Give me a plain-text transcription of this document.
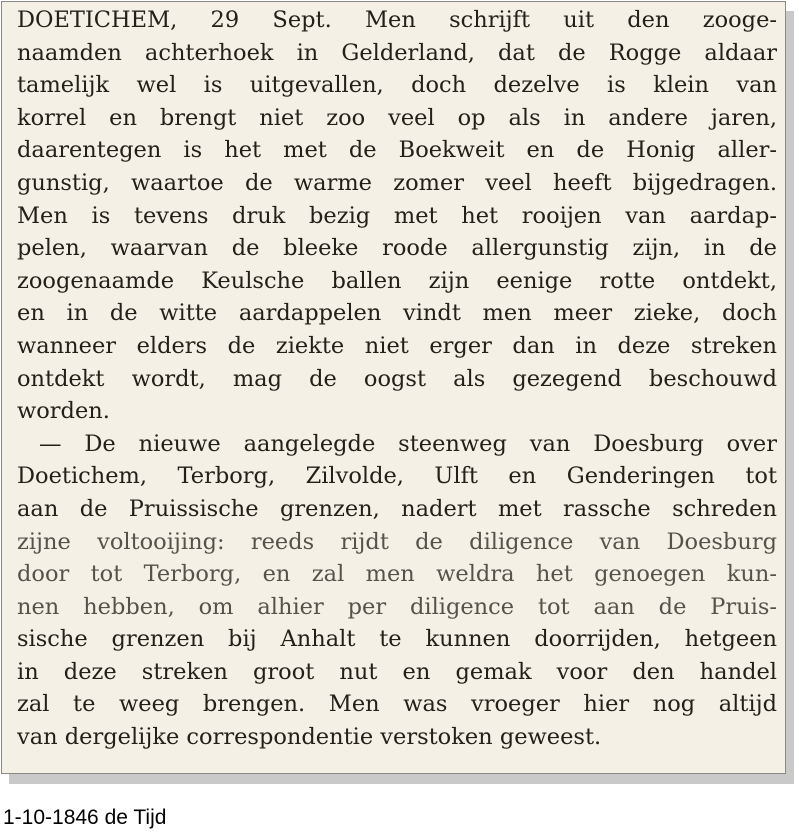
DOETICHEM, 29 Sept. Men schrijft uit den zooge-
naamden achterhoek in Gelderland, dat de Rogge aldaar
tamelijk wel is uitgevallen, doch dezelve is klein van
korrel en brengt niet zoo veel op als in andere jaren,
daarentegen is het met de Boekweit en de Honig aller-
gunstig, waartoe de warme zomer veel heeft bijgedragen.
Men is tevens druk bezig met het rooijen van aardap-
pelen, waarvan de bleeke roode allergunstig zijn, in de
zoogenaamde Keulsche ballen zijn eenige rotte ontdekt,
en in de witte aardappelen vindt men meer zieke, doch
wanneer elders de ziekte niet erger dan in deze streken
ontdekt wordt, mag de oogst als gezegend beschouwd
worden.
— De nieuwe aangelegde steenweg van Doesburg over
Doetichem, Terborg, Zilvolde, Ulft en Genderingen tot
aan de Pruissische grenzen, nadert met rassche schreden
zijne voltooijing: reeds rijdt de diligence van Doesburg
door tot Terborg, en zal men weldra het genoegen kun-
nen hebben, om alhier per diligence tot aan de Pruis-
sische grenzen bij Anhalt te kunnen doorrijden, hetgeen
in deze streken groot nut en gemak voor den handel
zal te weeg brengen. Men was vroeger hier nog altijd
van dergelijke correspondentie verstoken geweest.
1-10-1846 de Tijd
